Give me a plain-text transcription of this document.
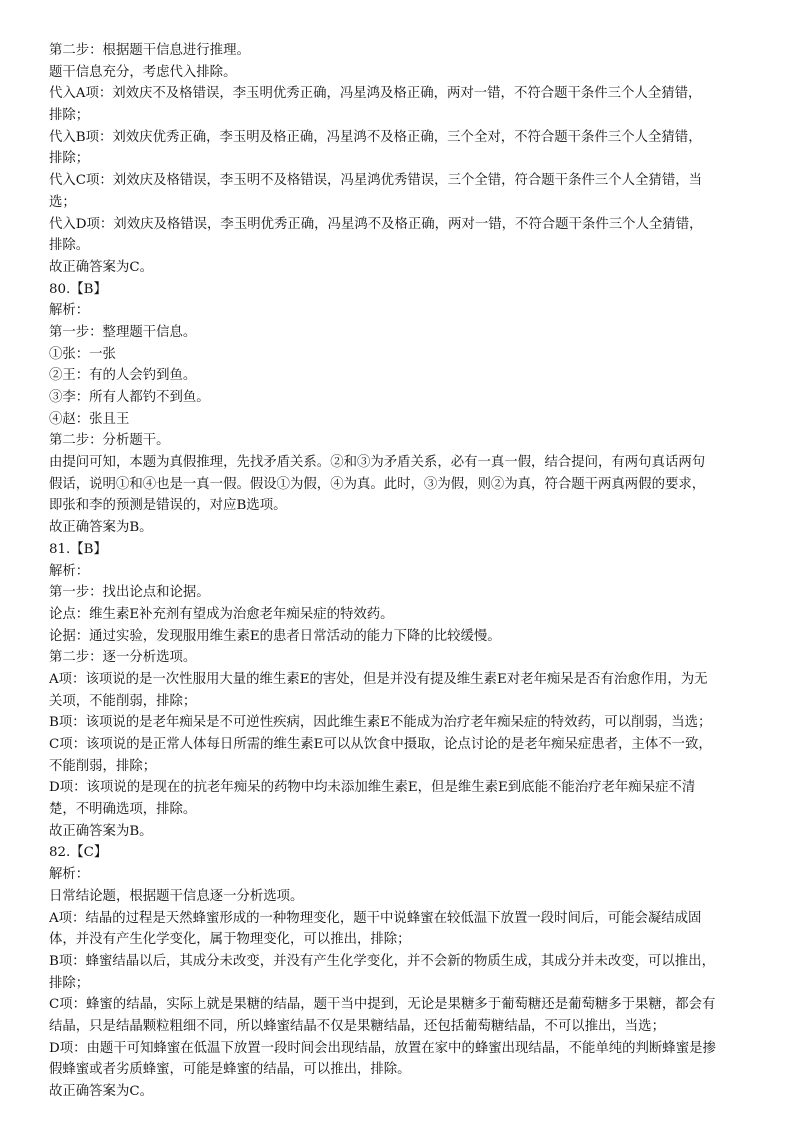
第二步：根据题干信息进行推理。
题干信息充分，考虑代入排除。
代入A项：刘效庆不及格错误，李玉明优秀正确，冯星鸿及格正确，两对一错，不符合题干条件三个人全猜错，
排除；
代入B项：刘效庆优秀正确，李玉明及格正确，冯星鸿不及格正确，三个全对，不符合题干条件三个人全猜错，
排除；
代入C项：刘效庆及格错误，李玉明不及格错误，冯星鸿优秀错误，三个全错，符合题干条件三个人全猜错，当
选；
代入D项：刘效庆及格错误，李玉明优秀正确，冯星鸿不及格正确，两对一错，不符合题干条件三个人全猜错，
排除。
故正确答案为C。
80.【B】
解析：
第一步：整理题干信息。
①张：一张
②王：有的人会钓到鱼。
③李：所有人都钓不到鱼。
④赵：张且王
第二步：分析题干。
由提问可知，本题为真假推理，先找矛盾关系。②和③为矛盾关系，必有一真一假，结合提问，有两句真话两句
假话，说明①和④也是一真一假。假设①为假，④为真。此时，③为假，则②为真，符合题干两真两假的要求，
即张和李的预测是错误的，对应B选项。
故正确答案为B。
81.【B】
解析：
第一步：找出论点和论据。
论点：维生素E补充剂有望成为治愈老年痴呆症的特效药。
论据：通过实验，发现服用维生素E的患者日常活动的能力下降的比较缓慢。
第二步：逐一分析选项。
A项：该项说的是一次性服用大量的维生素E的害处，但是并没有提及维生素E对老年痴呆是否有治愈作用，为无
关项，不能削弱，排除；
B项：该项说的是老年痴呆是不可逆性疾病，因此维生素E不能成为治疗老年痴呆症的特效药，可以削弱，当选；
C项：该项说的是正常人体每日所需的维生素E可以从饮食中摄取，论点讨论的是老年痴呆症患者，主体不一致，
不能削弱，排除；
D项：该项说的是现在的抗老年痴呆的药物中均未添加维生素E，但是维生素E到底能不能治疗老年痴呆症不清
楚，不明确选项，排除。
故正确答案为B。
82.【C】
解析：
日常结论题，根据题干信息逐一分析选项。
A项：结晶的过程是天然蜂蜜形成的一种物理变化，题干中说蜂蜜在较低温下放置一段时间后，可能会凝结成固
体，并没有产生化学变化，属于物理变化，可以推出，排除；
B项：蜂蜜结晶以后，其成分未改变，并没有产生化学变化，并不会新的物质生成，其成分并未改变，可以推出，
排除；
C项：蜂蜜的结晶，实际上就是果糖的结晶，题干当中提到，无论是果糖多于葡萄糖还是葡萄糖多于果糖，都会有
结晶，只是结晶颗粒粗细不同，所以蜂蜜结晶不仅是果糖结晶，还包括葡萄糖结晶，不可以推出，当选；
D项：由题干可知蜂蜜在低温下放置一段时间会出现结晶，放置在家中的蜂蜜出现结晶，不能单纯的判断蜂蜜是掺
假蜂蜜或者劣质蜂蜜，可能是蜂蜜的结晶，可以推出，排除。
故正确答案为C。
